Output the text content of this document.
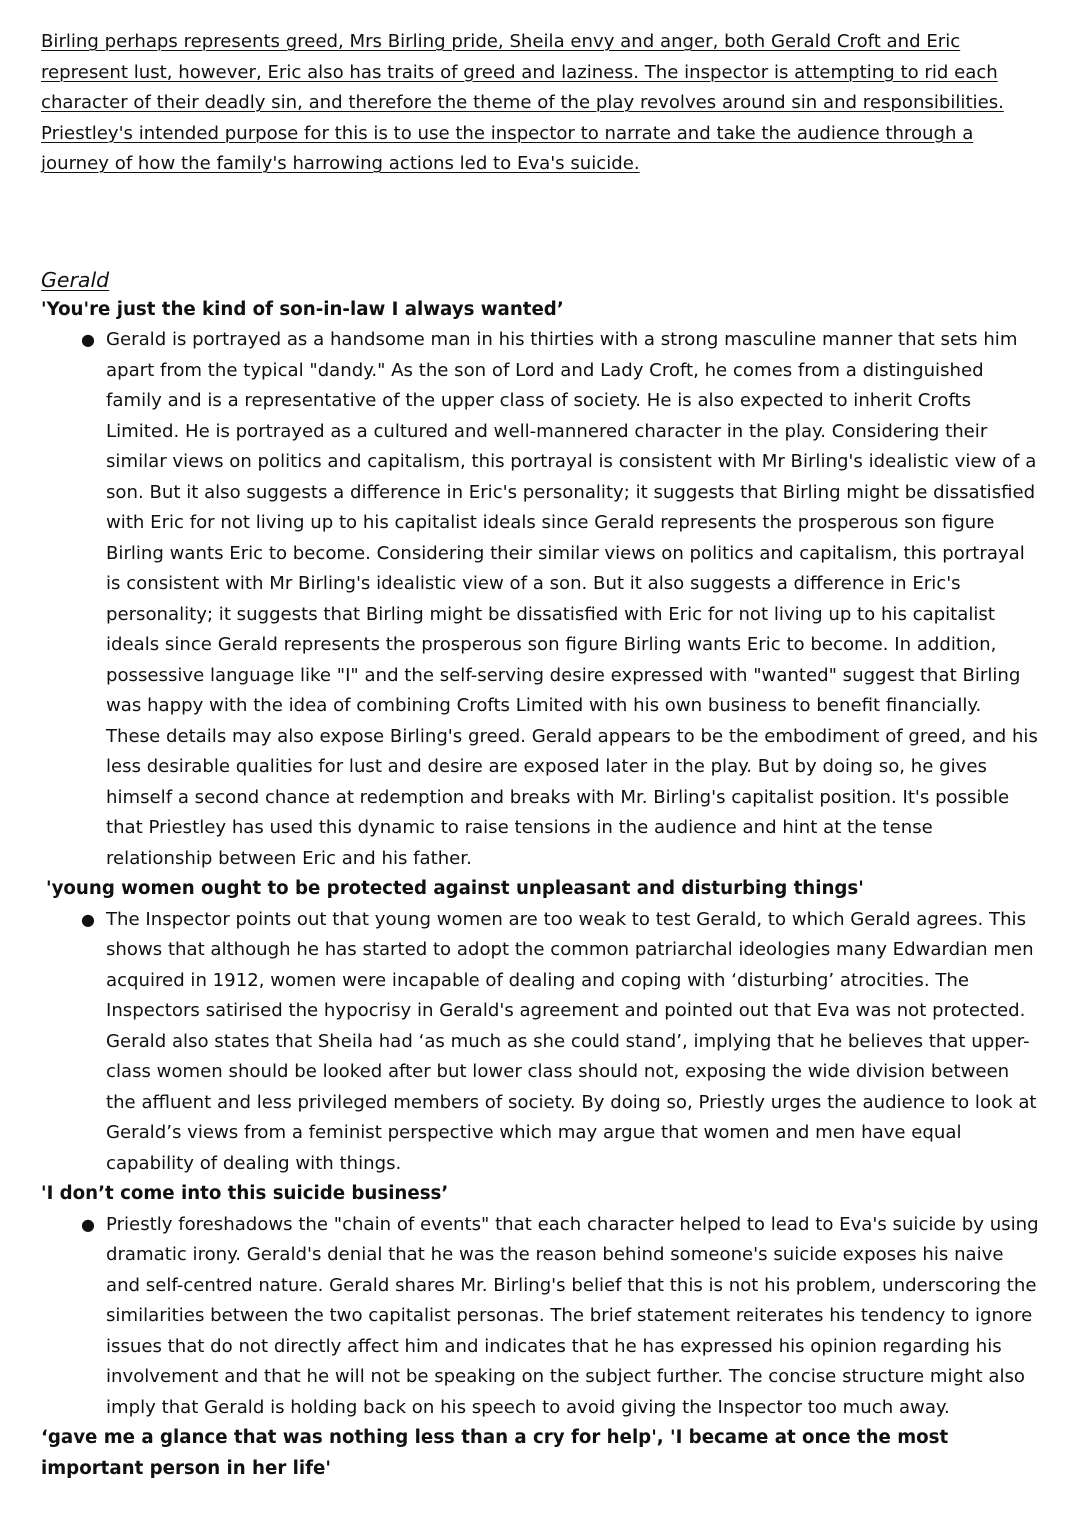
Birling perhaps represents greed, Mrs Birling pride, Sheila envy and anger, both Gerald Croft and Eric represent lust, however, Eric also has traits of greed and laziness. The inspector is attempting to rid each character of their deadly sin, and therefore the theme of the play revolves around sin and responsibilities. Priestley's intended purpose for this is to use the inspector to narrate and take the audience through a journey of how the family's harrowing actions led to Eva's suicide.

Gerald
'You're just the kind of son-in-law I always wanted’
● Gerald is portrayed as a handsome man in his thirties with a strong masculine manner that sets him apart from the typical "dandy." As the son of Lord and Lady Croft, he comes from a distinguished family and is a representative of the upper class of society. He is also expected to inherit Crofts Limited. He is portrayed as a cultured and well-mannered character in the play. Considering their similar views on politics and capitalism, this portrayal is consistent with Mr Birling's idealistic view of a son. But it also suggests a difference in Eric's personality; it suggests that Birling might be dissatisfied with Eric for not living up to his capitalist ideals since Gerald represents the prosperous son figure Birling wants Eric to become. Considering their similar views on politics and capitalism, this portrayal is consistent with Mr Birling's idealistic view of a son. But it also suggests a difference in Eric's personality; it suggests that Birling might be dissatisfied with Eric for not living up to his capitalist ideals since Gerald represents the prosperous son figure Birling wants Eric to become. In addition, possessive language like "I" and the self-serving desire expressed with "wanted" suggest that Birling was happy with the idea of combining Crofts Limited with his own business to benefit financially. These details may also expose Birling's greed. Gerald appears to be the embodiment of greed, and his less desirable qualities for lust and desire are exposed later in the play. But by doing so, he gives himself a second chance at redemption and breaks with Mr. Birling's capitalist position. It's possible that Priestley has used this dynamic to raise tensions in the audience and hint at the tense relationship between Eric and his father.
'young women ought to be protected against unpleasant and disturbing things'
● The Inspector points out that young women are too weak to test Gerald, to which Gerald agrees. This shows that although he has started to adopt the common patriarchal ideologies many Edwardian men acquired in 1912, women were incapable of dealing and coping with ‘disturbing’ atrocities. The Inspectors satirised the hypocrisy in Gerald's agreement and pointed out that Eva was not protected. Gerald also states that Sheila had ‘as much as she could stand’, implying that he believes that upper-class women should be looked after but lower class should not, exposing the wide division between the affluent and less privileged members of society. By doing so, Priestly urges the audience to look at Gerald’s views from a feminist perspective which may argue that women and men have equal capability of dealing with things.
'I don’t come into this suicide business’
● Priestly foreshadows the "chain of events" that each character helped to lead to Eva's suicide by using dramatic irony. Gerald's denial that he was the reason behind someone's suicide exposes his naive and self-centred nature. Gerald shares Mr. Birling's belief that this is not his problem, underscoring the similarities between the two capitalist personas. The brief statement reiterates his tendency to ignore issues that do not directly affect him and indicates that he has expressed his opinion regarding his involvement and that he will not be speaking on the subject further. The concise structure might also imply that Gerald is holding back on his speech to avoid giving the Inspector too much away.
‘gave me a glance that was nothing less than a cry for help', 'I became at once the most important person in her life'
